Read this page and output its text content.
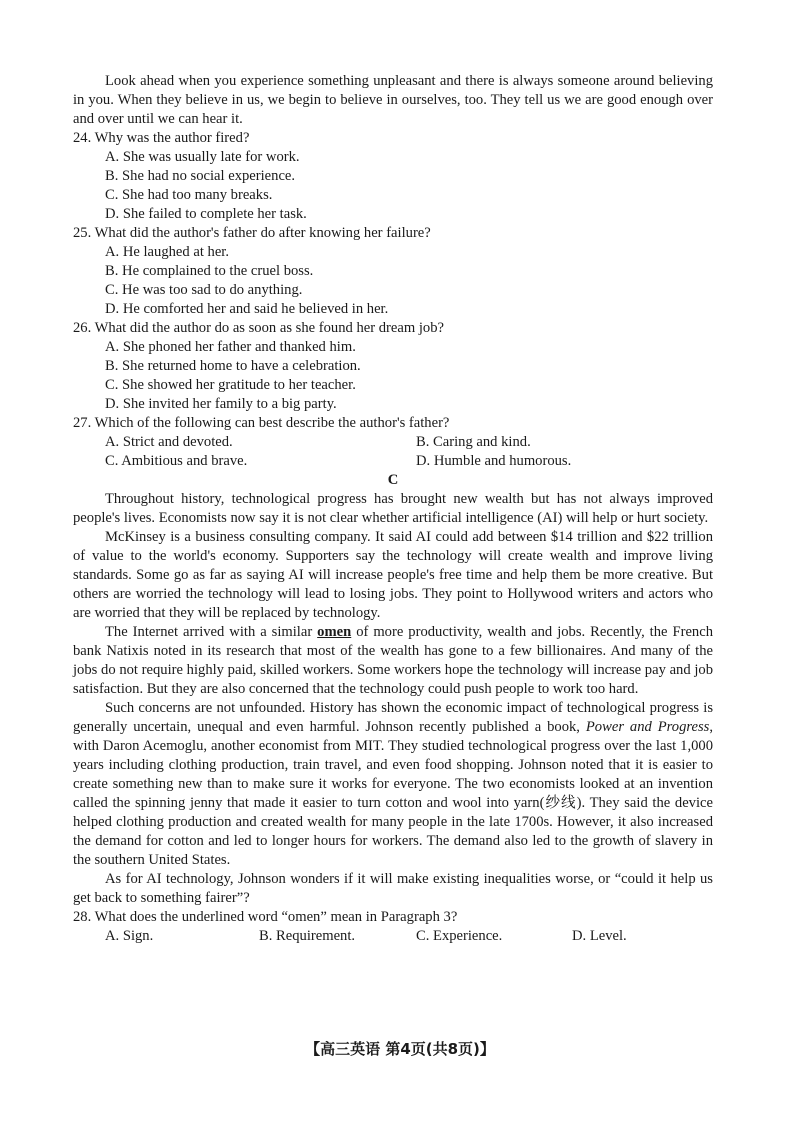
Look ahead when you experience something unpleasant and there is always someone around believing in you. When they believe in us, we begin to believe in ourselves, too. They tell us we are good enough over and over until we can hear it.

24. Why was the author fired?

A. She was usually late for work.

B. She had no social experience.

C. She had too many breaks.

D. She failed to complete her task.

25. What did the author's father do after knowing her failure?

A. He laughed at her.

B. He complained to the cruel boss.

C. He was too sad to do anything.

D. He comforted her and said he believed in her.

26. What did the author do as soon as she found her dream job?

A. She phoned her father and thanked him.

B. She returned home to have a celebration.

C. She showed her gratitude to her teacher.

D. She invited her family to a big party.

27. Which of the following can best describe the author's father?

A. Strict and devoted.	B. Caring and kind.
C. Ambitious and brave.	D. Humble and humorous.

C

Throughout history, technological progress has brought new wealth but has not always improved people's lives. Economists now say it is not clear whether artificial intelligence (AI) will help or hurt society.

McKinsey is a business consulting company. It said AI could add between $14 trillion and $22 trillion of value to the world's economy. Supporters say the technology will create wealth and improve living standards. Some go as far as saying AI will increase people's free time and help them be more creative. But others are worried the technology will lead to losing jobs. They point to Hollywood writers and actors who are worried that they will be replaced by technology.

The Internet arrived with a similar omen of more productivity, wealth and jobs. Recently, the French bank Natixis noted in its research that most of the wealth has gone to a few billionaires. And many of the jobs do not require highly paid, skilled workers. Some workers hope the technology will increase pay and job satisfaction. But they are also concerned that the technology could push people to work too hard.

Such concerns are not unfounded. History has shown the economic impact of technological progress is generally uncertain, unequal and even harmful. Johnson recently published a book, Power and Progress, with Daron Acemoglu, another economist from MIT. They studied technological progress over the last 1,000 years including clothing production, train travel, and even food shopping. Johnson noted that it is easier to create something new than to make sure it works for everyone. The two economists looked at an invention called the spinning jenny that made it easier to turn cotton and wool into yarn(纱线). They said the device helped clothing production and created wealth for many people in the late 1700s. However, it also increased the demand for cotton and led to longer hours for workers. The demand also led to the growth of slavery in the southern United States.

As for AI technology, Johnson wonders if it will make existing inequalities worse, or “could it help us get back to something fairer”?

28. What does the underlined word “omen” mean in Paragraph 3?

A. Sign.	B. Requirement.	C. Experience.	D. Level.
【高三英语 第4页(共8页)】
